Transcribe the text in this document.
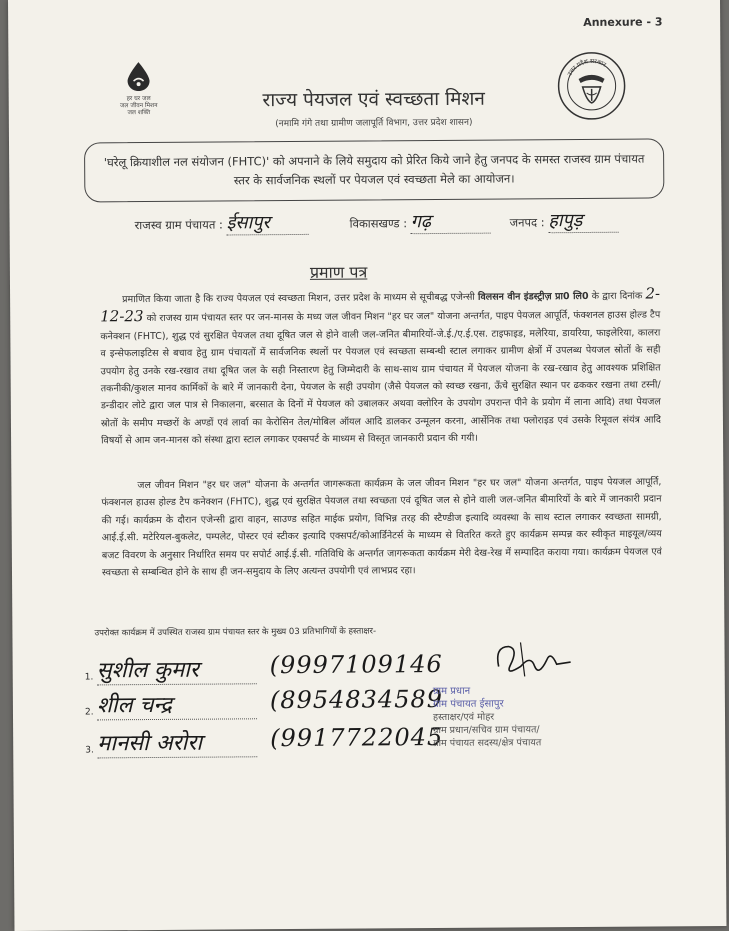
Annexure - 3
हर घर जल
जल जीवन मिशन
जल शक्ति
उत्तर प्रदेश सरकार
राज्य पेयजल एवं स्वच्छता मिशन
(नमामि गंगे तथा ग्रामीण जलापूर्ति विभाग, उत्तर प्रदेश शासन)
'घरेलू क्रियाशील नल संयोजन (FHTC)' को अपनाने के लिये समुदाय को प्रेरित किये जाने हेतु जनपद के समस्त राजस्व ग्राम पंचायत स्तर के सार्वजनिक स्थलों पर पेयजल एवं स्वच्छता मेले का आयोजन।
राजस्व ग्राम पंचायत : ईसापुर	विकासखण्ड : गढ़	जनपद : हापुड़
प्रमाण पत्र
प्रमाणित किया जाता है कि राज्य पेयजल एवं स्वच्छता मिशन, उत्तर प्रदेश के माध्यम से सूचीबद्ध एजेन्सी विलसन वीन इंडस्ट्रीज़ प्रा0 लि0 के द्वारा दिनांक 2-12-23 को राजस्व ग्राम पंचायत स्तर पर जन-मानस के मध्य जल जीवन मिशन "हर घर जल" योजना अन्तर्गत, पाइप पेयजल आपूर्ति, फंक्शनल हाउस होल्ड टैप कनेक्शन (FHTC), शुद्ध एवं सुरक्षित पेयजल तथा दूषित जल से होने वाली जल-जनित बीमारियों-जे.ई./ए.ई.एस. टाइफाइड, मलेरिया, डायरिया, फाइलेरिया, कालरा व इन्सेफलाइटिस से बचाव हेतु ग्राम पंचायतों में सार्वजनिक स्थलों पर पेयजल एवं स्वच्छता सम्बन्धी स्टाल लगाकर ग्रामीण क्षेत्रों में उपलब्ध पेयजल स्रोतों के सही उपयोग हेतु उनके रख-रखाव तथा दूषित जल के सही निस्तारण हेतु जिम्मेदारी के साथ-साथ ग्राम पंचायत में पेयजल योजना के रख-रखाव हेतु आवश्यक प्रशिक्षित तकनीकी/कुशल मानव कार्मिकों के बारे में जानकारी देना, पेयजल के सही उपयोग (जैसे पेयजल को स्वच्छ रखना, ऊँचे सुरक्षित स्थान पर ढककर रखना तथा टस्नी/डन्डीदार लोटे द्वारा जल पात्र से निकालना, बरसात के दिनों में पेयजल को उबालकर अथवा क्लोरिन के उपयोग उपरान्त पीने के प्रयोग में लाना आदि) तथा पेयजल स्रोतों के समीप मच्छरों के अण्डों एवं लार्वा का केरोसिन तेल/मोबिल ऑयल आदि डालकर उन्मूलन करना, आर्सेनिक तथा फ्लोराइड एवं उसके रिमूवल संयंत्र आदि विषयों से आम जन-मानस को संस्था द्वारा स्टाल लगाकर एक्सपर्ट के माध्यम से विस्तृत जानकारी प्रदान की गयी।
जल जीवन मिशन "हर घर जल" योजना के अन्तर्गत जागरूकता कार्यक्रम के जल जीवन मिशन "हर घर जल" योजना अन्तर्गत, पाइप पेयजल आपूर्ति, फंक्शनल हाउस होल्ड टैप कनेक्शन (FHTC), शुद्ध एवं सुरक्षित पेयजल तथा स्वच्छता एवं दूषित जल से होने वाली जल-जनित बीमारियों के बारे में जानकारी प्रदान की गई। कार्यक्रम के दौरान एजेन्सी द्वारा वाहन, साउण्ड सहित माईक प्रयोग, विभिन्न तरह की स्टैण्डीज इत्यादि व्यवस्था के साथ स्टाल लगाकर स्वच्छता सामग्री, आई.ई.सी. मटेरियल-बुकलेट, पम्पलेट, पोस्टर एवं स्टीकर इत्यादि एक्सपर्ट/कोआर्डिनेटर्स के माध्यम से वितरित करते हुए कार्यक्रम सम्पन्न कर स्वीकृत माइयूल/व्यय बजट विवरण के अनुसार निर्धारित समय पर सपोर्ट आई.ई.सी. गतिविधि के अन्तर्गत जागरूकता कार्यक्रम मेरी देख-रेख में सम्पादित कराया गया। कार्यक्रम पेयजल एवं स्वच्छता से सम्बन्धित होने के साथ ही जन-समुदाय के लिए अत्यन्त उपयोगी एवं लाभप्रद रहा।
उपरोक्त कार्यक्रम में उपस्थित राजस्व ग्राम पंचायत स्तर के मुख्य 03 प्रतिभागियों के हस्ताक्षर-
1. सुशील कुमार	(9997109146
2. शील चन्द्र	(8954834589
3. मानसी अरोरा	(9917722045
ग्राम प्रधान
ग्राम पंचायत ईसापुर
हस्ताक्षर/एवं मोहर
ग्राम प्रधान/सचिव ग्राम पंचायत/
ग्राम पंचायत सदस्य/क्षेत्र पंचायत
